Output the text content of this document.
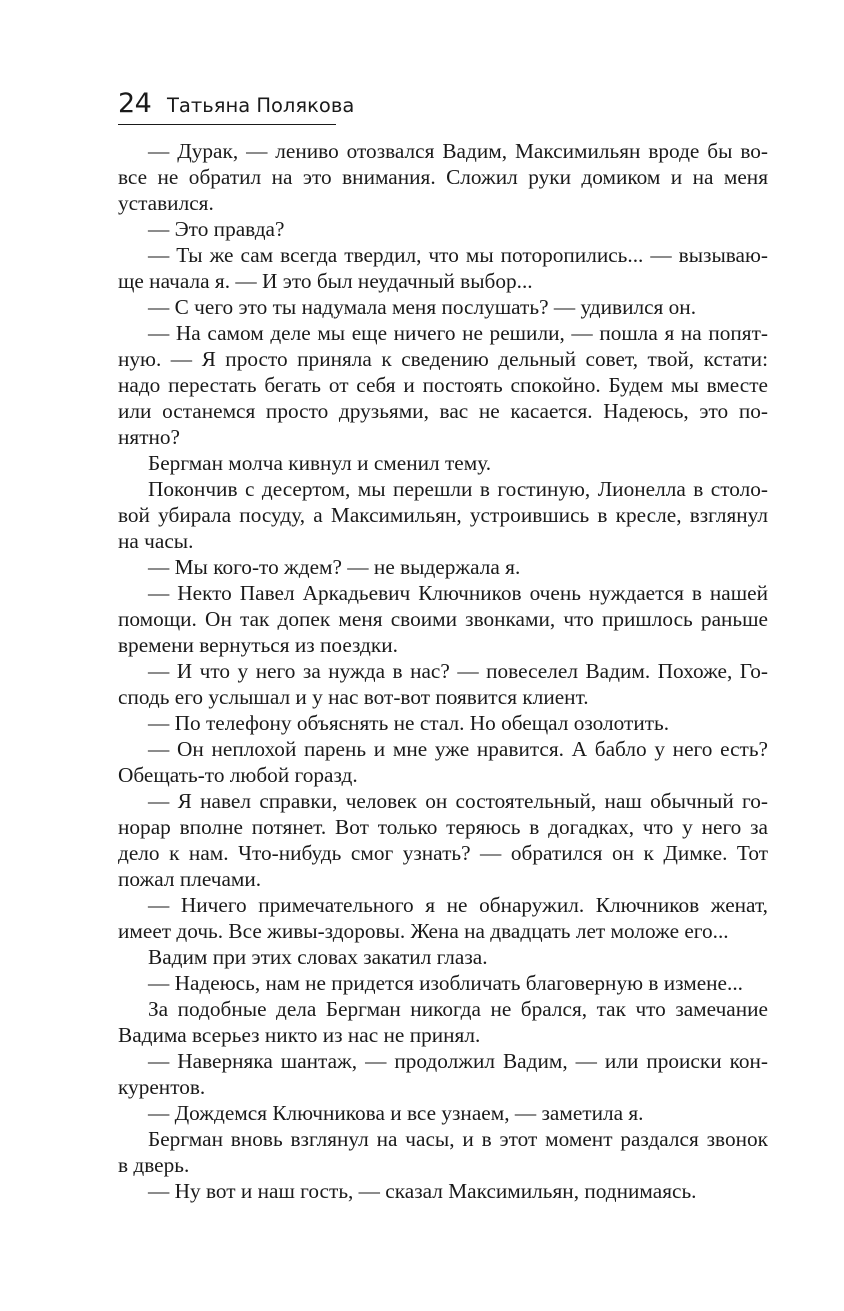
24 Татьяна Полякова
— Дурак, — лениво отозвался Вадим, Максимильян вроде бы во-
все не обратил на это внимания. Сложил руки домиком и на меня
уставился.
— Это правда?
— Ты же сам всегда твердил, что мы поторопились... — вызываю-
ще начала я. — И это был неудачный выбор...
— С чего это ты надумала меня послушать? — удивился он.
— На самом деле мы еще ничего не решили, — пошла я на попят-
ную. — Я просто приняла к сведению дельный совет, твой, кстати:
надо перестать бегать от себя и постоять спокойно. Будем мы вместе
или останемся просто друзьями, вас не касается. Надеюсь, это по-
нятно?
Бергман молча кивнул и сменил тему.
Покончив с десертом, мы перешли в гостиную, Лионелла в столо-
вой убирала посуду, а Максимильян, устроившись в кресле, взглянул
на часы.
— Мы кого-то ждем? — не выдержала я.
— Некто Павел Аркадьевич Ключников очень нуждается в нашей
помощи. Он так допек меня своими звонками, что пришлось раньше
времени вернуться из поездки.
— И что у него за нужда в нас? — повеселел Вадим. Похоже, Го-
сподь его услышал и у нас вот-вот появится клиент.
— По телефону объяснять не стал. Но обещал озолотить.
— Он неплохой парень и мне уже нравится. А бабло у него есть?
Обещать-то любой горазд.
— Я навел справки, человек он состоятельный, наш обычный го-
норар вполне потянет. Вот только теряюсь в догадках, что у него за
дело к нам. Что-нибудь смог узнать? — обратился он к Димке. Тот
пожал плечами.
— Ничего примечательного я не обнаружил. Ключников женат,
имеет дочь. Все живы-здоровы. Жена на двадцать лет моложе его...
Вадим при этих словах закатил глаза.
— Надеюсь, нам не придется изобличать благоверную в измене...
За подобные дела Бергман никогда не брался, так что замечание
Вадима всерьез никто из нас не принял.
— Наверняка шантаж, — продолжил Вадим, — или происки кон-
курентов.
— Дождемся Ключникова и все узнаем, — заметила я.
Бергман вновь взглянул на часы, и в этот момент раздался звонок
в дверь.
— Ну вот и наш гость, — сказал Максимильян, поднимаясь.
